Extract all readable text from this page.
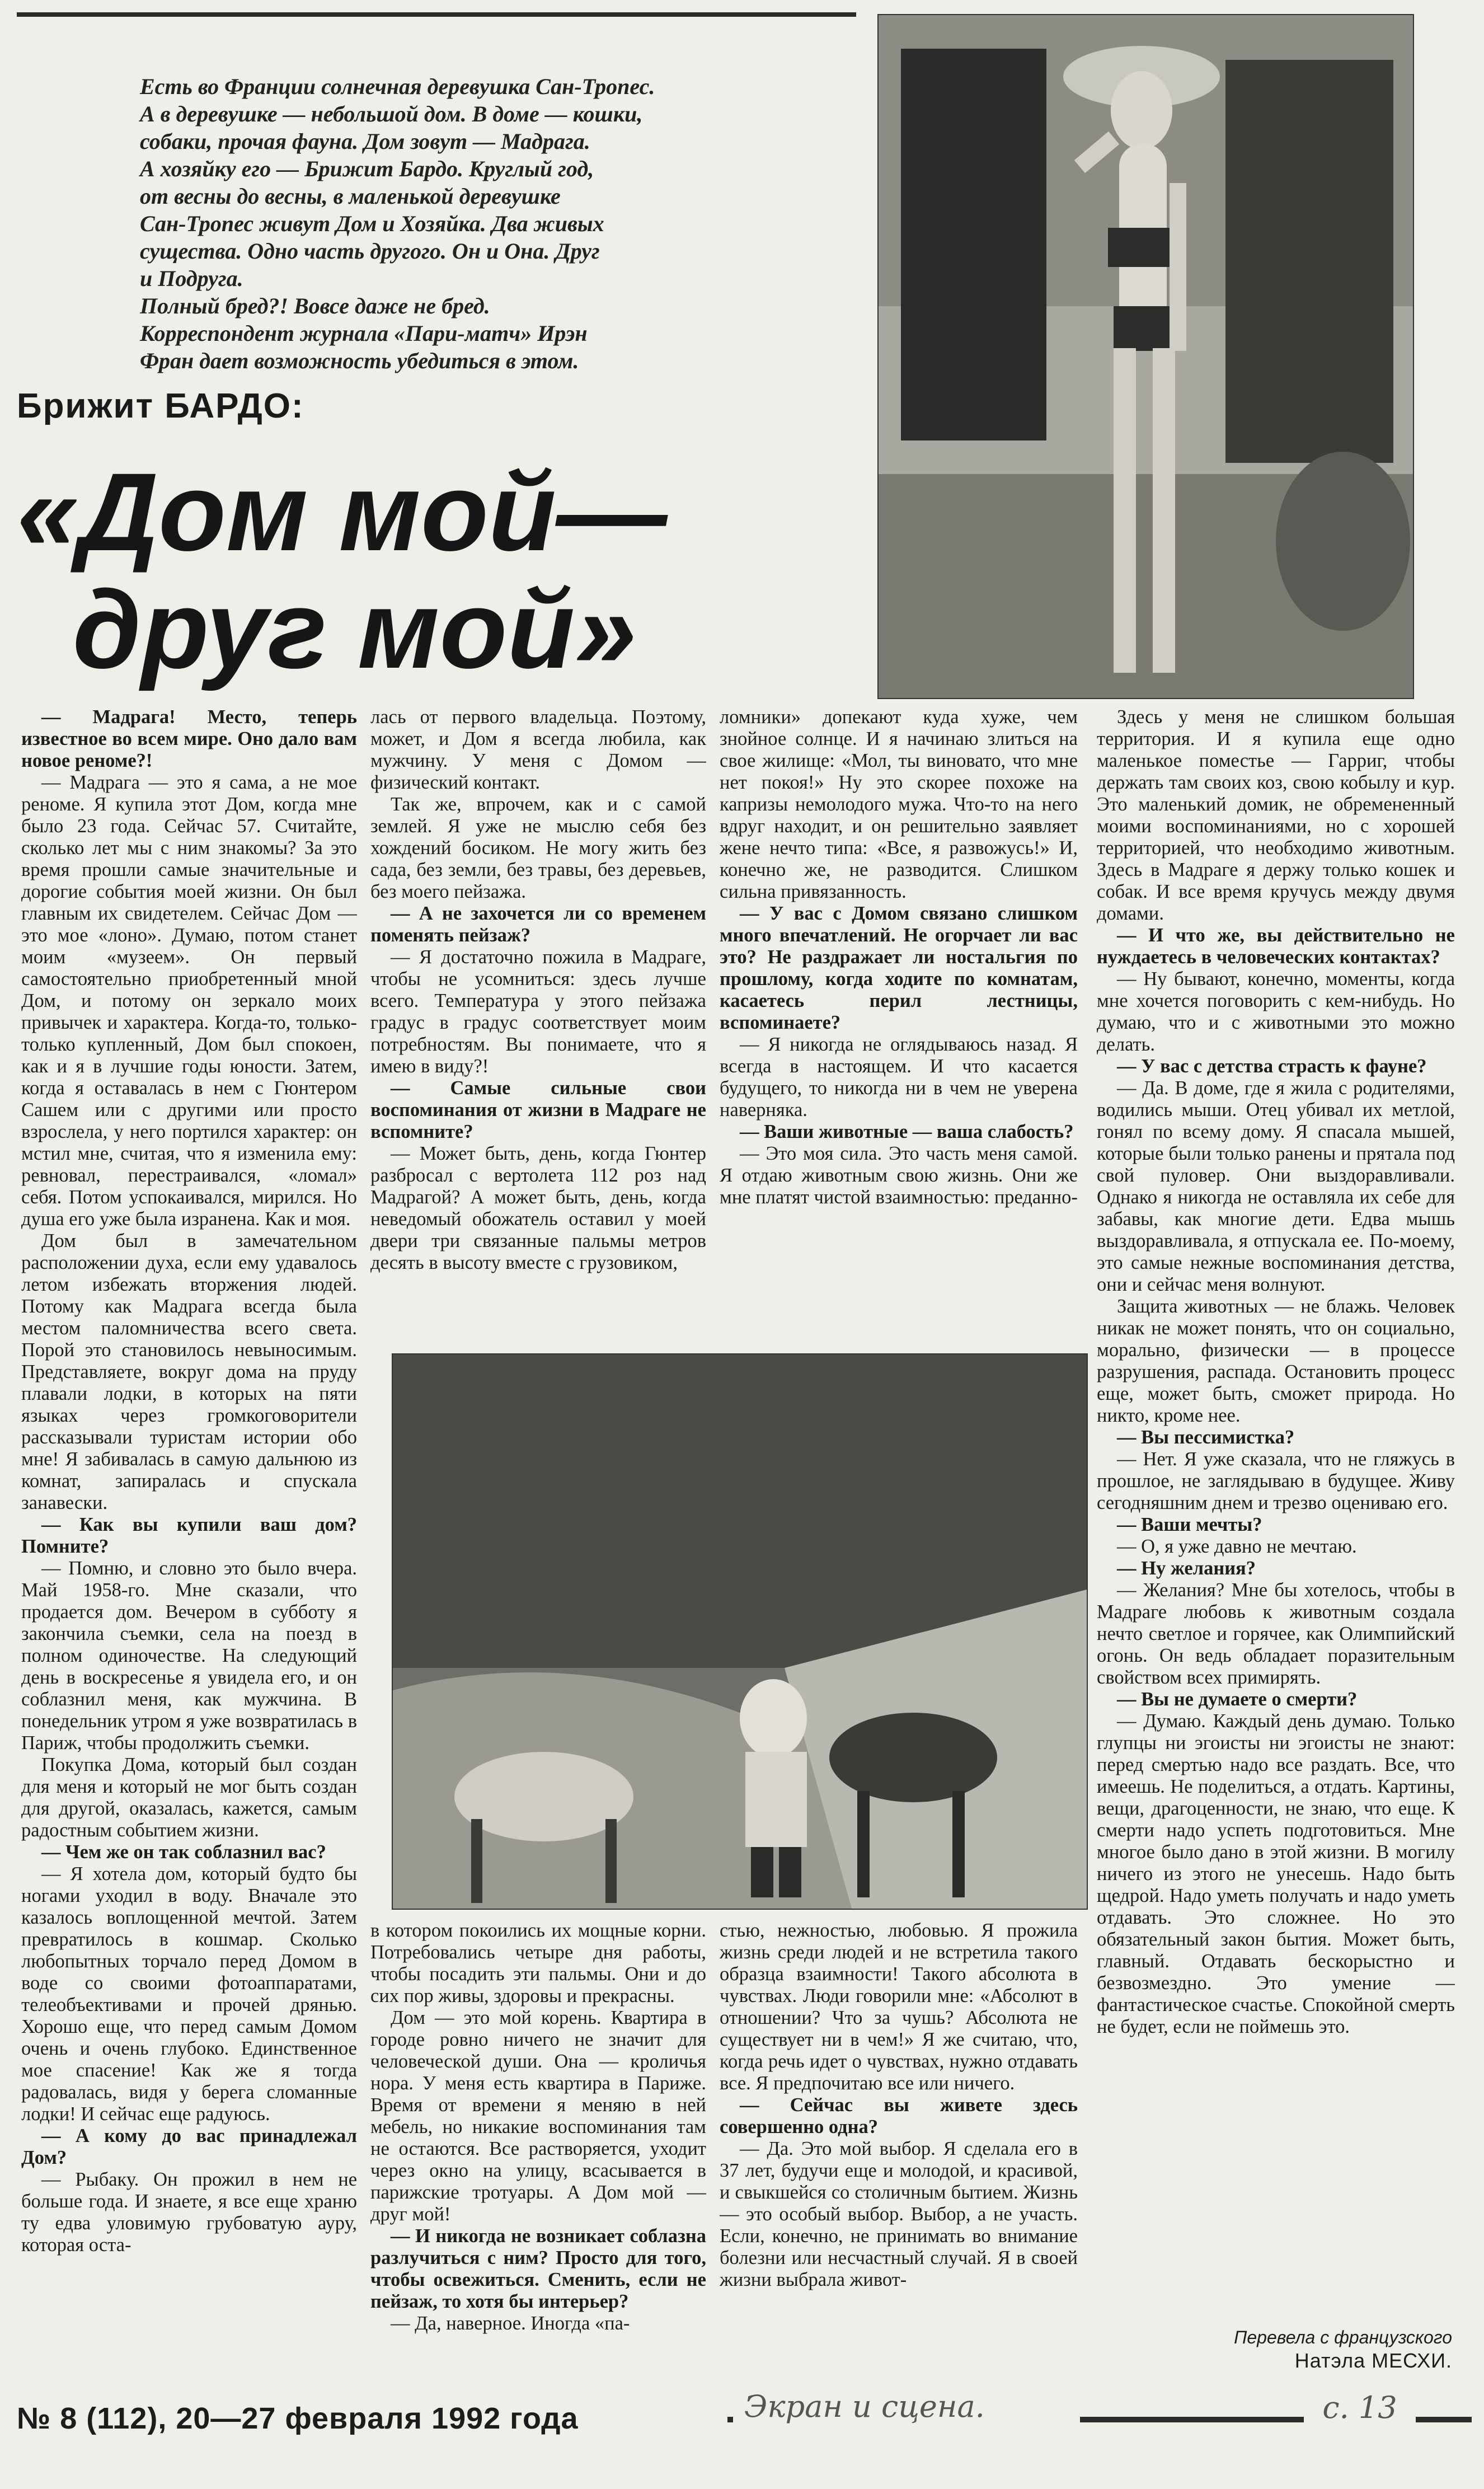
Есть во Франции солнечная деревушка Сан-Тропес.

А в деревушке — небольшой дом. В доме — кошки,

собаки, прочая фауна. Дом зовут — Мадрага.

А хозяйку его — Брижит Бардо. Круглый год,

от весны до весны, в маленькой деревушке

Сан-Тропес живут Дом и Хозяйка. Два живых

существа. Одно часть другого. Он и Она. Друг

и Подруга.

Полный бред?! Вовсе даже не бред.

Корреспондент журнала «Пари-матч» Ирэн

Фран дает возможность убедиться в этом.

Брижит БАРДО:
«Дом мой—
друг мой»

— Мадрага! Место, теперь известное во всем мире. Оно дало вам новое реноме?!

— Мадрага — это я сама, а не мое реноме. Я купила этот Дом, когда мне было 23 года. Сейчас 57. Считайте, сколько лет мы с ним знакомы? За это время прошли самые значительные и дорогие события моей жизни. Он был главным их свидетелем. Сейчас Дом — это мое «лоно». Думаю, потом станет моим «музеем». Он первый самостоятельно приобретенный мной Дом, и потому он зеркало моих привычек и характера. Когда-то, только-только купленный, Дом был спокоен, как и я в лучшие годы юности. Затем, когда я оставалась в нем с Гюнтером Сашем или с другими или просто взрослела, у него портился характер: он мстил мне, считая, что я изменила ему: ревновал, перестраивался, «ломал» себя. Потом успокаивался, мирился. Но душа его уже была изранена. Как и моя.

Дом был в замечательном расположении духа, если ему удавалось летом избежать вторжения людей. Потому как Мадрага всегда была местом паломничества всего света. Порой это становилось невыносимым. Представляете, вокруг дома на пруду плавали лодки, в которых на пяти языках через громкоговорители рассказывали туристам истории обо мне! Я забивалась в самую дальнюю из комнат, запиралась и спускала занавески.

— Как вы купили ваш дом? Помните?

— Помню, и словно это было вчера. Май 1958-го. Мне сказали, что продается дом. Вечером в субботу я закончила съемки, села на поезд в полном одиночестве. На следующий день в воскресенье я увидела его, и он соблазнил меня, как мужчина. В понедельник утром я уже возвратилась в Париж, чтобы продолжить съемки.

Покупка Дома, который был создан для меня и который не мог быть создан для другой, оказалась, кажется, самым радостным событием жизни.

— Чем же он так соблазнил вас?

— Я хотела дом, который будто бы ногами уходил в воду. Вначале это казалось воплощенной мечтой. Затем превратилось в кошмар. Сколько любопытных торчало перед Домом в воде со своими фотоаппаратами, телеобъективами и прочей дрянью. Хорошо еще, что перед самым Домом очень и очень глубоко. Единственное мое спасение! Как же я тогда радовалась, видя у берега сломанные лодки! И сейчас еще радуюсь.

— А кому до вас принадлежал Дом?

— Рыбаку. Он прожил в нем не больше года. И знаете, я все еще храню ту едва уловимую грубоватую ауру, которая оста-

лась от первого владельца. Поэтому, может, и Дом я всегда любила, как мужчину. У меня с Домом — физический контакт.

Так же, впрочем, как и с самой землей. Я уже не мыслю себя без хождений босиком. Не могу жить без сада, без земли, без травы, без деревьев, без моего пейзажа.

— А не захочется ли со временем поменять пейзаж?

— Я достаточно пожила в Мадраге, чтобы не усомниться: здесь лучше всего. Температура у этого пейзажа градус в градус соответствует моим потребностям. Вы понимаете, что я имею в виду?!

— Самые сильные свои воспоминания от жизни в Мадраге не вспомните?

— Может быть, день, когда Гюнтер разбросал с вертолета 112 роз над Мадрагой? А может быть, день, когда неведомый обожатель оставил у моей двери три связанные пальмы метров десять в высоту вместе с грузовиком,

ломники» допекают куда хуже, чем знойное солнце. И я начинаю злиться на свое жилище: «Мол, ты виновато, что мне нет покоя!» Ну это скорее похоже на капризы немолодого мужа. Что-то на него вдруг находит, и он решительно заявляет жене нечто типа: «Все, я развожусь!» И, конечно же, не разводится. Слишком сильна привязанность.

— У вас с Домом связано слишком много впечатлений. Не огорчает ли вас это? Не раздражает ли ностальгия по прошлому, когда ходите по комнатам, касаетесь перил лестницы, вспоминаете?

— Я никогда не оглядываюсь назад. Я всегда в настоящем. И что касается будущего, то никогда ни в чем не уверена наверняка.

— Ваши животные — ваша слабость?

— Это моя сила. Это часть меня самой. Я отдаю животным свою жизнь. Они же мне платят чистой взаимностью: преданно-

в котором покоились их мощные корни. Потребовались четыре дня работы, чтобы посадить эти пальмы. Они и до сих пор живы, здоровы и прекрасны.

Дом — это мой корень. Квартира в городе ровно ничего не значит для человеческой души. Она — кроличья нора. У меня есть квартира в Париже. Время от времени я меняю в ней мебель, но никакие воспоминания там не остаются. Все растворяется, уходит через окно на улицу, всасывается в парижские тротуары. А Дом мой — друг мой!

— И никогда не возникает соблазна разлучиться с ним? Просто для того, чтобы освежиться. Сменить, если не пейзаж, то хотя бы интерьер?

— Да, наверное. Иногда «па-

стью, нежностью, любовью. Я прожила жизнь среди людей и не встретила такого образца взаимности! Такого абсолюта в чувствах. Люди говорили мне: «Абсолют в отношении? Что за чушь? Абсолюта не существует ни в чем!» Я же считаю, что, когда речь идет о чувствах, нужно отдавать все. Я предпочитаю все или ничего.

— Сейчас вы живете здесь совершенно одна?

— Да. Это мой выбор. Я сделала его в 37 лет, будучи еще и молодой, и красивой, и свыкшейся со столичным бытием. Жизнь — это особый выбор. Выбор, а не участь. Если, конечно, не принимать во внимание болезни или несчастный случай. Я в своей жизни выбрала живот-

Здесь у меня не слишком большая территория. И я купила еще одно маленькое поместье — Гарриг, чтобы держать там своих коз, свою кобылу и кур. Это маленький домик, не обремененный моими воспоминаниями, но с хорошей территорией, что необходимо животным. Здесь в Мадраге я держу только кошек и собак. И все время кручусь между двумя домами.

— И что же, вы действительно не нуждаетесь в человеческих контактах?

— Ну бывают, конечно, моменты, когда мне хочется поговорить с кем-нибудь. Но думаю, что и с животными это можно делать.

— У вас с детства страсть к фауне?

— Да. В доме, где я жила с родителями, водились мыши. Отец убивал их метлой, гонял по всему дому. Я спасала мышей, которые были только ранены и прятала под свой пуловер. Они выздоравливали. Однако я никогда не оставляла их себе для забавы, как многие дети. Едва мышь выздоравливала, я отпускала ее. По-моему, это самые нежные воспоминания детства, они и сейчас меня волнуют.

Защита животных — не блажь. Человек никак не может понять, что он социально, морально, физически — в процессе разрушения, распада. Остановить процесс еще, может быть, сможет природа. Но никто, кроме нее.

— Вы пессимистка?

— Нет. Я уже сказала, что не гляжусь в прошлое, не заглядываю в будущее. Живу сегодняшним днем и трезво оцениваю его.

— Ваши мечты?

— О, я уже давно не мечтаю.

— Ну желания?

— Желания? Мне бы хотелось, чтобы в Мадраге любовь к животным создала нечто светлое и горячее, как Олимпийский огонь. Он ведь обладает поразительным свойством всех примирять.

— Вы не думаете о смерти?

— Думаю. Каждый день думаю. Только глупцы ни эгоисты ни эгоисты не знают: перед смертью надо все раздать. Все, что имеешь. Не поделиться, а отдать. Картины, вещи, драгоценности, не знаю, что еще. К смерти надо успеть подготовиться. Мне многое было дано в этой жизни. В могилу ничего из этого не унесешь. Надо быть щедрой. Надо уметь получать и надо уметь отдавать. Это сложнее. Но это обязательный закон бытия. Может быть, главный. Отдавать бескорыстно и безвозмездно. Это умение — фантастическое счастье. Спокойной смерть не будет, если не поймешь это.

Перевела с французского
Натэла МЕСХИ.
№ 8 (112), 20—27 февраля 1992 года	Экран и сцена.	с. 13
